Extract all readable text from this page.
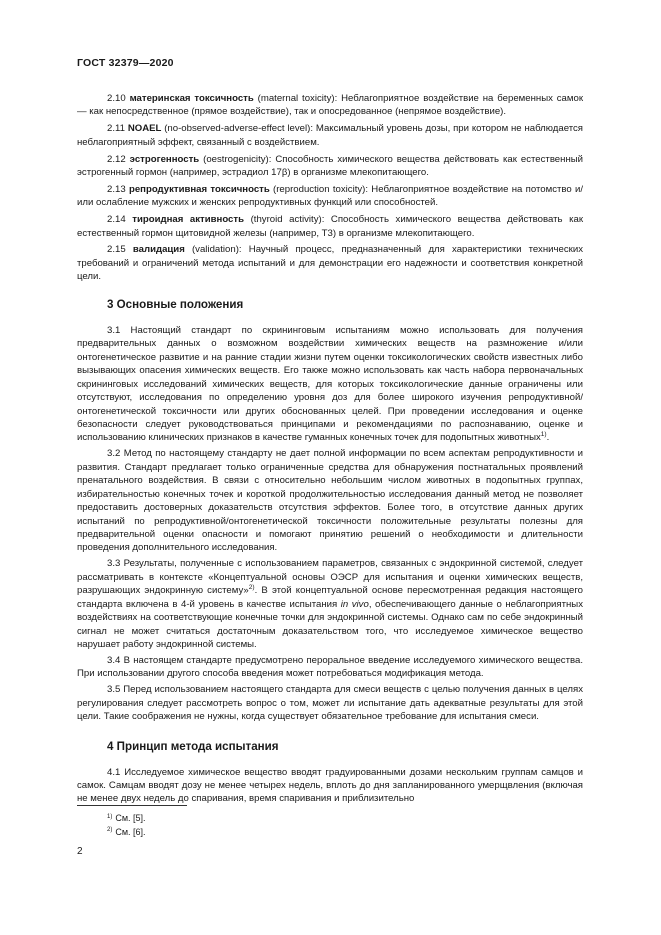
ГОСТ 32379—2020

2.10 материнская токсичность (maternal toxicity): Неблагоприятное воздействие на беременных самок — как непосредственное (прямое воздействие), так и опосредованное (непрямое воздействие).

2.11 NOAEL (no-observed-adverse-effect level): Максимальный уровень дозы, при котором не наблюдается неблагоприятный эффект, связанный с воздействием.

2.12 эстрогенность (oestrogenicity): Способность химического вещества действовать как естественный эстрогенный гормон (например, эстрадиол 17β) в организме млекопитающего.

2.13 репродуктивная токсичность (reproduction toxicity): Неблагоприятное воздействие на потомство и/или ослабление мужских и женских репродуктивных функций или способностей.

2.14 тироидная активность (thyroid activity): Способность химического вещества действовать как естественный гормон щитовидной железы (например, Т3) в организме млекопитающего.

2.15 валидация (validation): Научный процесс, предназначенный для характеристики технических требований и ограничений метода испытаний и для демонстрации его надежности и соответствия конкретной цели.

3 Основные положения

3.1 Настоящий стандарт по скрининговым испытаниям можно использовать для получения предварительных данных о возможном воздействии химических веществ на размножение и/или онтогенетическое развитие и на ранние стадии жизни путем оценки токсикологических свойств известных либо вызывающих опасения химических веществ. Его также можно использовать как часть набора первоначальных скрининговых исследований химических веществ, для которых токсикологические данные ограничены или отсутствуют, исследования по определению уровня доз для более широкого изучения репродуктивной/онтогенетической токсичности или других обоснованных целей. При проведении исследования и оценке безопасности следует руководствоваться принципами и рекомендациями по распознаванию, оценке и использованию клинических признаков в качестве гуманных конечных точек для подопытных животных$^{1)}$.

3.2 Метод по настоящему стандарту не дает полной информации по всем аспектам репродуктивности и развития. Стандарт предлагает только ограниченные средства для обнаружения постнатальных проявлений пренатального воздействия. В связи с относительно небольшим числом животных в подопытных группах, избирательностью конечных точек и короткой продолжительностью исследования данный метод не позволяет предоставить достоверных доказательств отсутствия эффектов. Более того, в отсутствие данных других испытаний по репродуктивной/онтогенетической токсичности положительные результаты полезны для предварительной оценки опасности и помогают принятию решений о необходимости и длительности проведения дополнительного исследования.

3.3 Результаты, полученные с использованием параметров, связанных с эндокринной системой, следует рассматривать в контексте «Концептуальной основы ОЭСР для испытания и оценки химических веществ, разрушающих эндокринную систему»$^{2)}$. В этой концептуальной основе пересмотренная редакция настоящего стандарта включена в 4-й уровень в качестве испытания in vivo, обеспечивающего данные о неблагоприятных воздействиях на соответствующие конечные точки для эндокринной системы. Однако сам по себе эндокринный сигнал не может считаться достаточным доказательством того, что исследуемое химическое вещество нарушает работу эндокринной системы.

3.4 В настоящем стандарте предусмотрено пероральное введение исследуемого химического вещества. При использовании другого способа введения может потребоваться модификация метода.

3.5 Перед использованием настоящего стандарта для смеси веществ с целью получения данных в целях регулирования следует рассмотреть вопрос о том, может ли испытание дать адекватные результаты для этой цели. Такие соображения не нужны, когда существует обязательное требование для испытания смеси.

4 Принцип метода испытания

4.1 Исследуемое химическое вещество вводят градуированными дозами нескольким группам самцов и самок. Самцам вводят дозу не менее четырех недель, вплоть до дня запланированного умерщвления (включая не менее двух недель до спаривания, время спаривания и приблизительно

$^{1)}$ См. [5].
$^{2)}$ См. [6].
2
